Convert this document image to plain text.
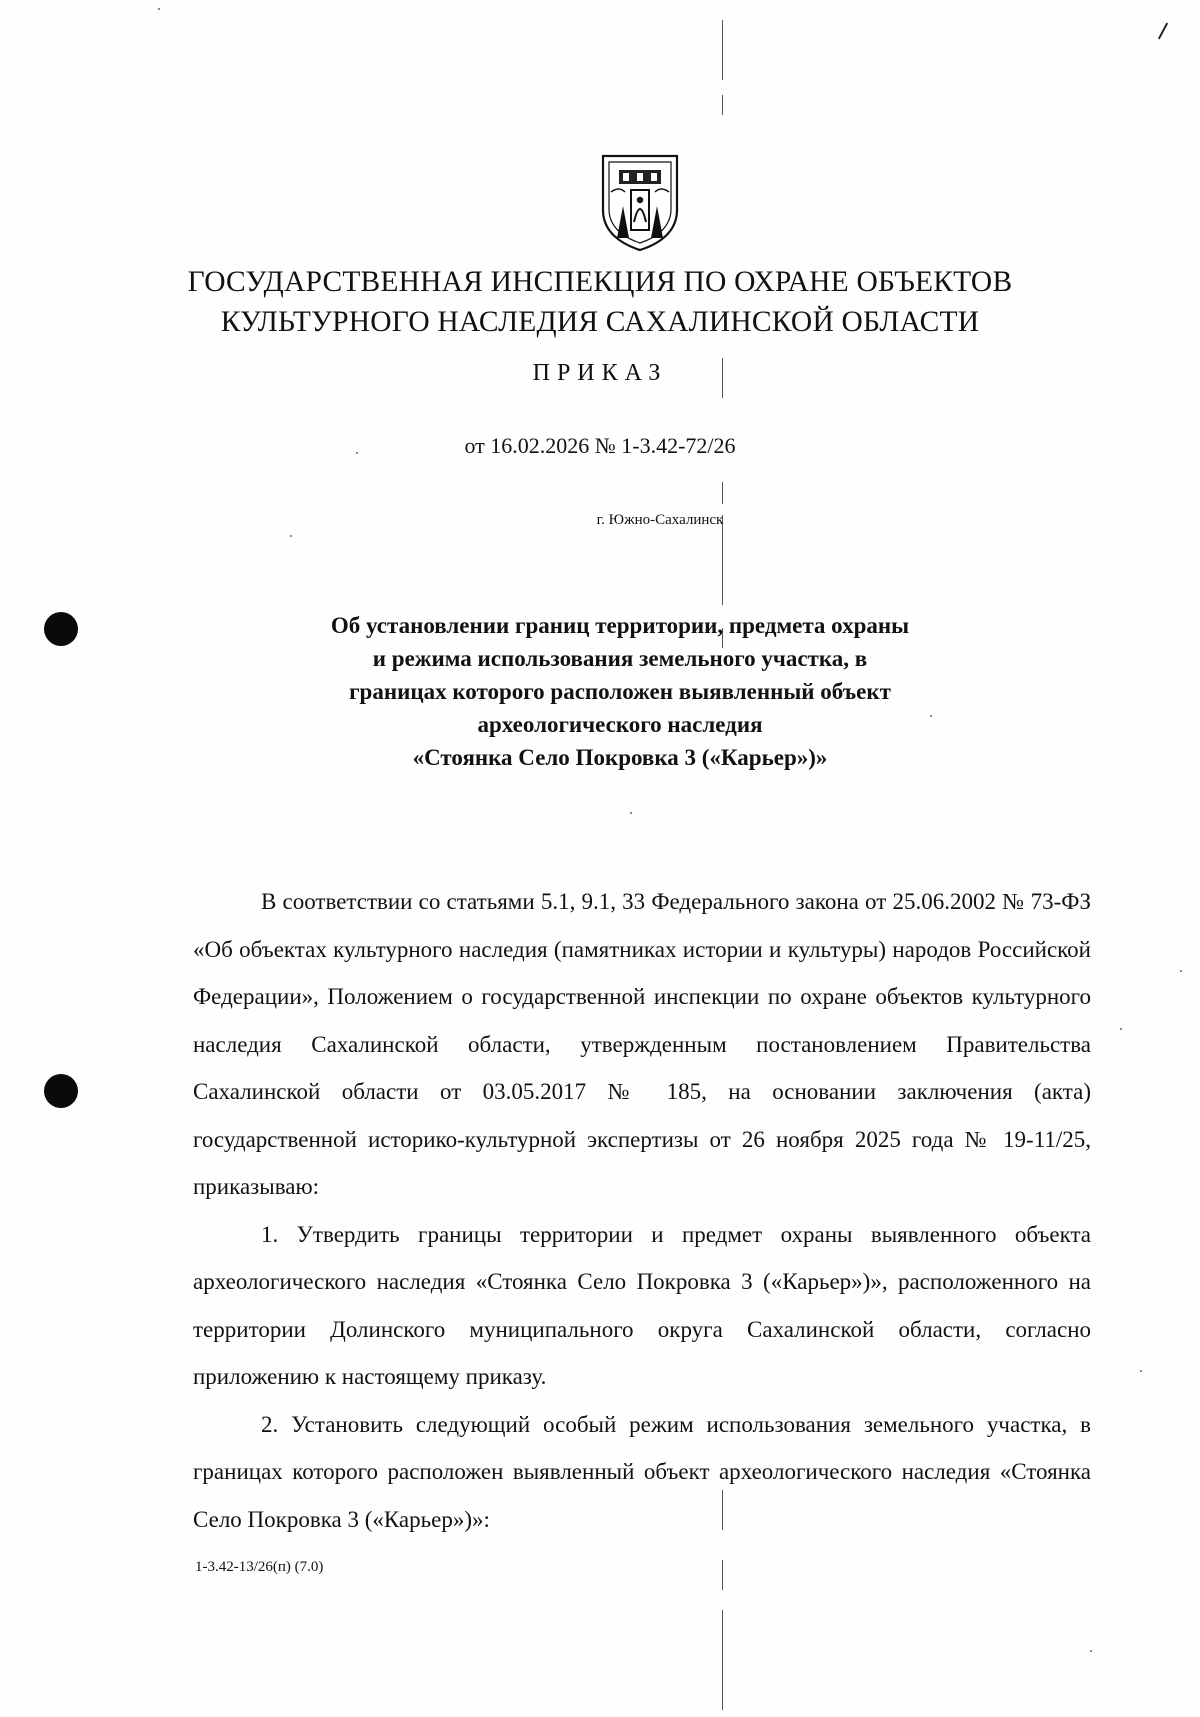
ГОСУДАРСТВЕННАЯ ИНСПЕКЦИЯ ПО ОХРАНЕ ОБЪЕКТОВ
КУЛЬТУРНОГО НАСЛЕДИЯ САХАЛИНСКОЙ ОБЛАСТИ
ПРИКАЗ
от 16.02.2026 № 1-3.42-72/26
г. Южно-Сахалинск
Об установлении границ территории, предмета охраны
и режима использования земельного участка, в
границах которого расположен выявленный объект
археологического наследия
«Стоянка Село Покровка 3 («Карьер»)»

В соответствии со статьями 5.1, 9.1, 33 Федерального закона от 25.06.2002 № 73-ФЗ «Об объектах культурного наследия (памятниках истории и культуры) народов Российской Федерации», Положением о государственной инспекции по охране объектов культурного наследия Сахалинской области, утвержденным постановлением Правительства Сахалинской области от 03.05.2017 № 185, на основании заключения (акта) государственной историко-культурной экспертизы от 26 ноября 2025 года № 19-11/25, приказываю:

1. Утвердить границы территории и предмет охраны выявленного объекта археологического наследия «Стоянка Село Покровка 3 («Карьер»)», расположенного на территории Долинского муниципального округа Сахалинской области, согласно приложению к настоящему приказу.

2. Установить следующий особый режим использования земельного участка, в границах которого расположен выявленный объект археологического наследия «Стоянка Село Покровка 3 («Карьер»)»:

1-3.42-13/26(п) (7.0)
